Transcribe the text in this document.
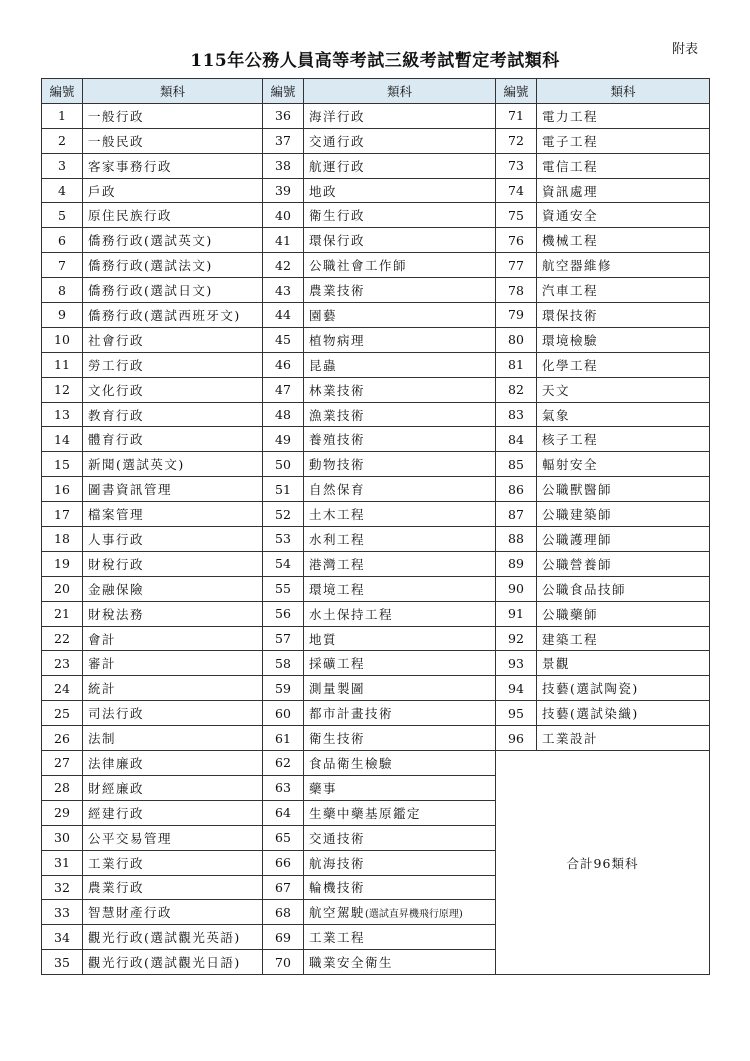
附表
115年公務人員高等考試三級考試暫定考試類科
編號	類科	編號	類科	編號	類科
1	一般行政	36	海洋行政	71	電力工程
2	一般民政	37	交通行政	72	電子工程
3	客家事務行政	38	航運行政	73	電信工程
4	戶政	39	地政	74	資訊處理
5	原住民族行政	40	衛生行政	75	資通安全
6	僑務行政(選試英文)	41	環保行政	76	機械工程
7	僑務行政(選試法文)	42	公職社會工作師	77	航空器維修
8	僑務行政(選試日文)	43	農業技術	78	汽車工程
9	僑務行政(選試西班牙文)	44	園藝	79	環保技術
10	社會行政	45	植物病理	80	環境檢驗
11	勞工行政	46	昆蟲	81	化學工程
12	文化行政	47	林業技術	82	天文
13	教育行政	48	漁業技術	83	氣象
14	體育行政	49	養殖技術	84	核子工程
15	新聞(選試英文)	50	動物技術	85	輻射安全
16	圖書資訊管理	51	自然保育	86	公職獸醫師
17	檔案管理	52	土木工程	87	公職建築師
18	人事行政	53	水利工程	88	公職護理師
19	財稅行政	54	港灣工程	89	公職營養師
20	金融保險	55	環境工程	90	公職食品技師
21	財稅法務	56	水土保持工程	91	公職藥師
22	會計	57	地質	92	建築工程
23	審計	58	採礦工程	93	景觀
24	統計	59	測量製圖	94	技藝(選試陶瓷)
25	司法行政	60	都市計畫技術	95	技藝(選試染織)
26	法制	61	衛生技術	96	工業設計
27	法律廉政	62	食品衛生檢驗	合計96類科	
28	財經廉政	63	藥事		
29	經建行政	64	生藥中藥基原鑑定		
30	公平交易管理	65	交通技術		
31	工業行政	66	航海技術		
32	農業行政	67	輪機技術		
33	智慧財產行政	68	航空駕駛(選試直昇機飛行原理)		
34	觀光行政(選試觀光英語)	69	工業工程		
35	觀光行政(選試觀光日語)	70	職業安全衛生		
